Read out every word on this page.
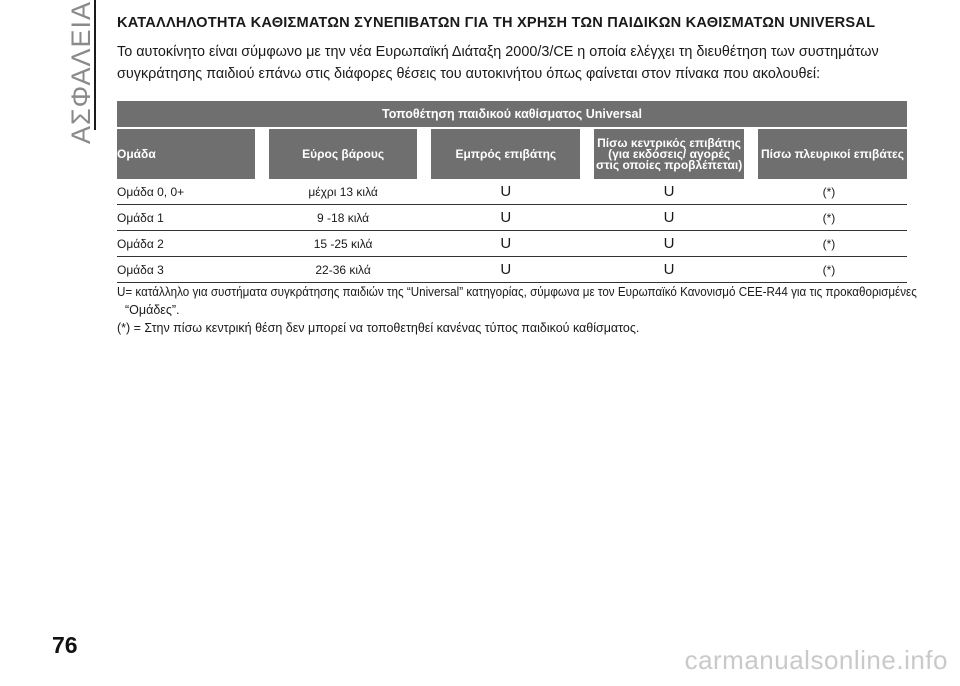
ΑΣΦΑΛΕΙΑ ΚΑΤΑΛΛΗΛΟΤΗΤΑ ΚΑΘΙΣΜΑΤΩΝ ΣΥΝΕΠΙΒΑΤΩΝ ΓΙΑ ΤΗ ΧΡΗΣΗ ΤΩΝ ΠΑΙΔΙΚΩΝ ΚΑΘΙΣΜΑΤΩΝ UNIVERSAL
Το αυτοκίνητο είναι σύμφωνο με την νέα Ευρωπαϊκή Διάταξη 2000/3/CE η οποία ελέγχει τη διευθέτηση των συστημάτων
συγκράτησης παιδιού επάνω στις διάφορες θέσεις του αυτοκινήτου όπως φαίνεται στον πίνακα που ακολουθεί:
Τοποθέτηση παιδικού καθίσματος Universal				
Ομάδα	Εύρος βάρους	Εμπρός επιβάτης	Πίσω κεντρικός επιβάτης (για εκδόσεις/ αγορές στις οποίες προβλέπεται)	Πίσω πλευρικοί επιβάτες
Ομάδα 0, 0+	μέχρι 13 κιλά	U	U	(*)
Ομάδα 1	9 -18 κιλά	U	U	(*)
Ομάδα 2	15 -25 κιλά	U	U	(*)
Ομάδα 3	22-36 κιλά	U	U	(*)

U= κατάλληλο για συστήματα συγκράτησης παιδιών της “Universal” κατηγορίας, σύμφωνα με τον Ευρωπαϊκό Κανονισμό CEE-R44 για τις προκαθορισμένες

“Ομάδες”.

(*) = Στην πίσω κεντρική θέση δεν μπορεί να τοποθετηθεί κανένας τύπος παιδικού καθίσματος.

76	carmanualsonline.info
